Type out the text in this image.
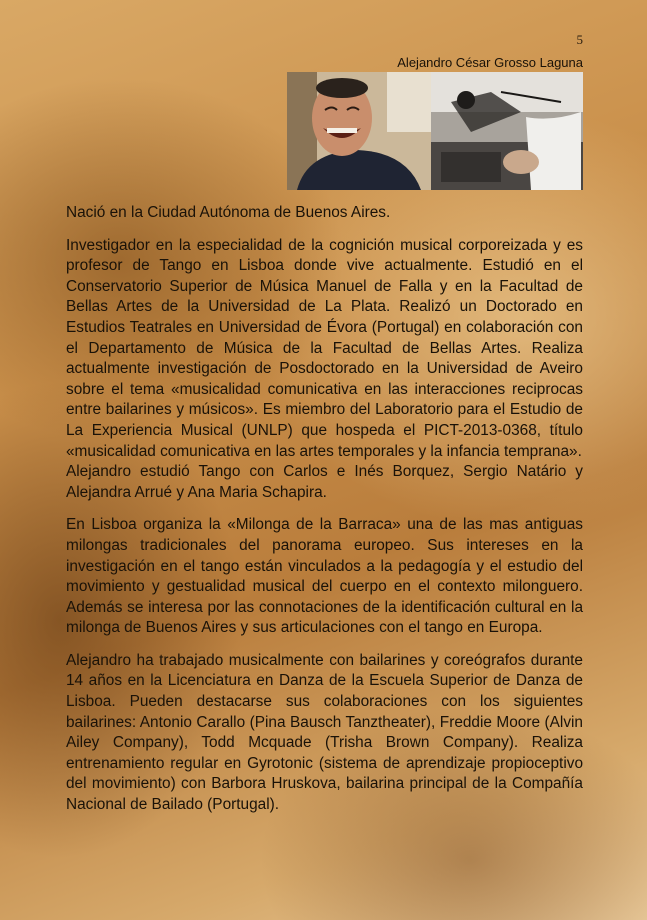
5
Alejandro César Grosso Laguna

Nació en la Ciudad Autónoma de Buenos Aires.

Investigador en la especialidad de la cognición musical corporeizada y es profesor de Tango en Lisboa donde vive actualmente. Estudió en el Conservatorio Superior de Música Manuel de Falla y en la Facultad de Bellas Artes de la Universidad de La Plata. Realizó un Doctorado en Estudios Teatrales en Universidad de Évora (Portugal) en colaboración con el Departamento de Música de la Facultad de Bellas Artes. Realiza actualmente investigación de Posdoctorado en la Universidad de Aveiro sobre el tema «musicalidad comunicativa en las interacciones reciprocas entre bailarines y músicos». Es miembro del Laboratorio para el Estudio de La Experiencia Musical (UNLP) que hospeda el PICT-2013-0368, título «musicalidad comunicativa en las artes temporales y la infancia temprana».

Alejandro estudió Tango con Carlos e Inés Borquez, Sergio Natário y Alejandra Arrué y Ana Maria Schapira.

En Lisboa organiza la «Milonga de la Barraca» una de las mas antiguas milongas tradicionales del panorama europeo. Sus intereses en la investigación en el tango están vinculados a la pedagogía y el estudio del movimiento y gestualidad musical del cuerpo en el contexto milonguero. Además se interesa por las connotaciones de la identificación cultural en la milonga de Buenos Aires y sus articulaciones con el tango en Europa.

Alejandro ha trabajado musicalmente con bailarines y coreógrafos durante 14 años en la Licenciatura en Danza de la Escuela Superior de Danza de Lisboa. Pueden destacarse sus colaboraciones con los siguientes bailarines: Antonio Carallo (Pina Bausch Tanztheater), Freddie Moore (Alvin Ailey Company), Todd Mcquade (Trisha Brown Company). Realiza entrenamiento regular en Gyrotonic (sistema de aprendizaje propioceptivo del movimiento) con Barbora Hruskova, bailarina principal de la Compañía Nacional de Bailado (Portugal).
